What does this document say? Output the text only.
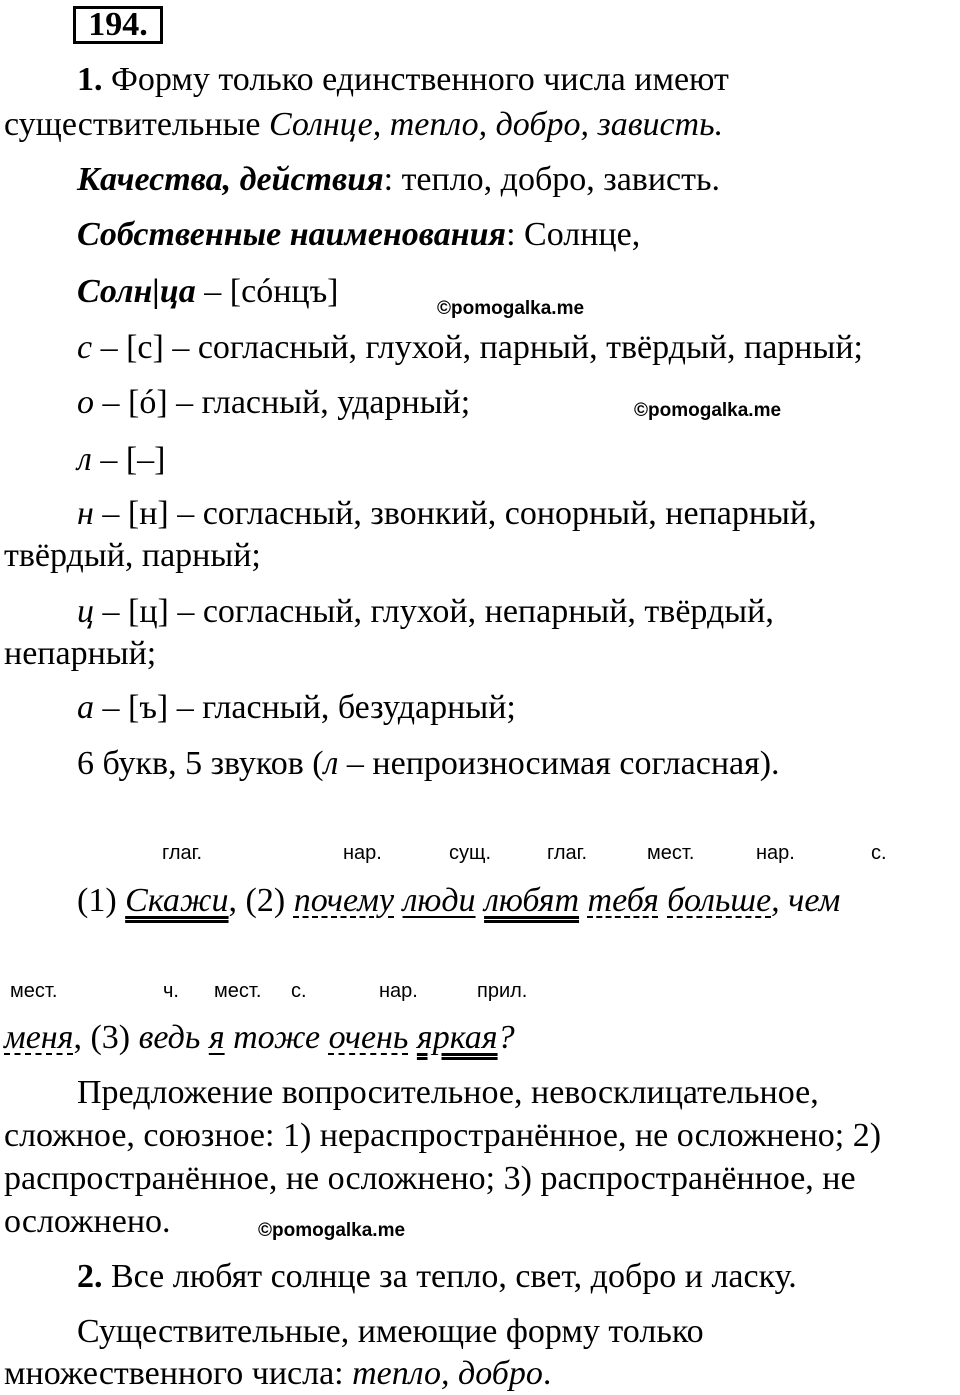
194.
1. Форму только единственного числа имеют
существительные Солнце, тепло, добро, зависть.
Качества, действия: тепло, добро, зависть.
Собственные наименования: Солнце,
Солн|ца – [сóнцъ]	©pomogalka.me
с – [с] – согласный, глухой, парный, твёрдый, парный;
о – [ó] – гласный, ударный;	©pomogalka.me
л – [–]
н – [н] – согласный, звонкий, сонорный, непарный,
твёрдый, парный;
ц – [ц] – согласный, глухой, непарный, твёрдый,
непарный;
а – [ъ] – гласный, безударный;
6 букв, 5 звуков (л – непроизносимая согласная).
глаг.	нар.	сущ.	глаг.	мест.	нар.	с.
(1) Скажи, (2) почему люди любят тебя больше, чем
мест.	ч. мест. с.	нар.	прил.
меня, (3) ведь я тоже очень яркая?
Предложение вопросительное, невосклицательное,
сложное, союзное: 1) нераспространённое, не осложнено; 2)
распространённое, не осложнено; 3) распространённое, не
осложнено.	©pomogalka.me
2. Все любят солнце за тепло, свет, добро и ласку.
Существительные, имеющие форму только
множественного числа: тепло, добро.
